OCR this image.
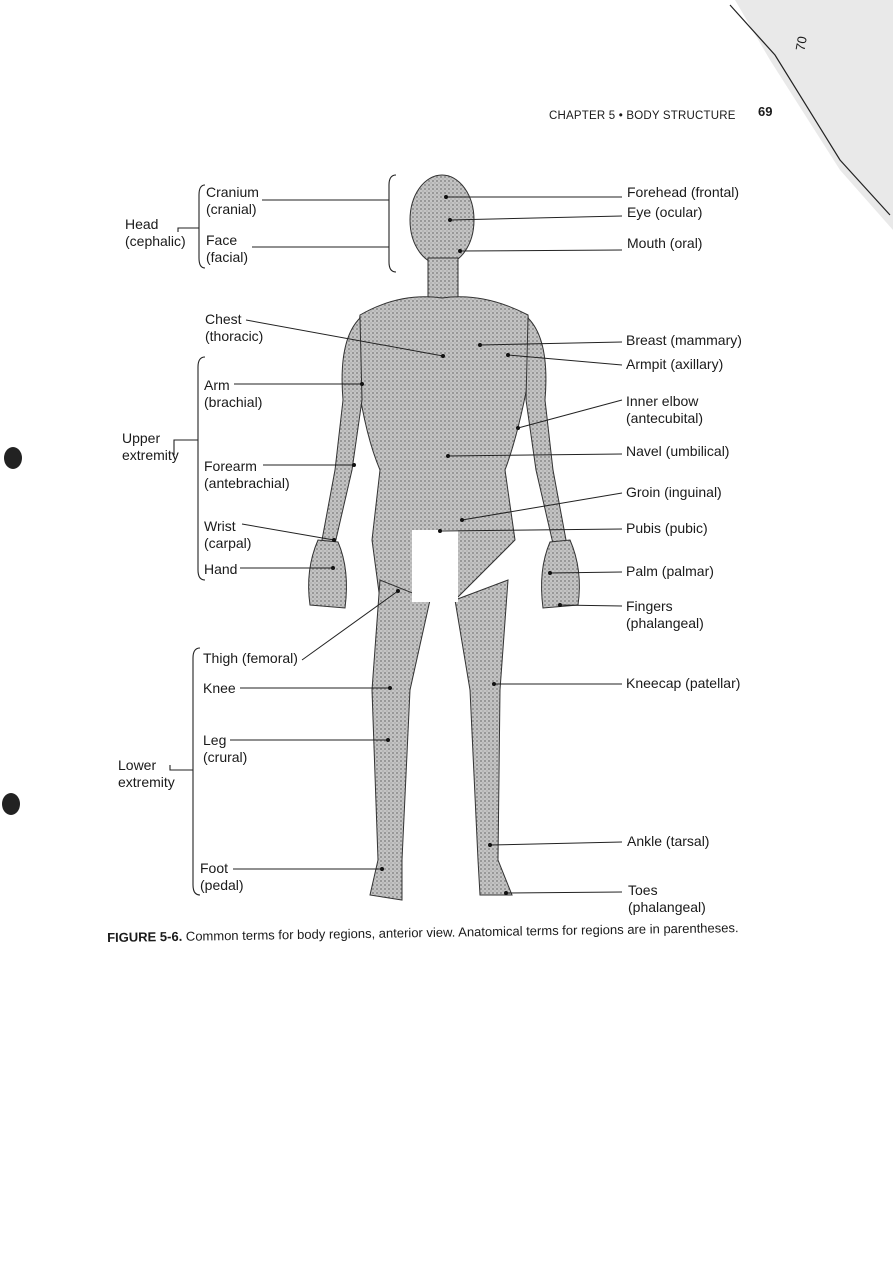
CHAPTER 5 • BODY STRUCTURE 69
70
Head
(cephalic)
Upper
extremity
Lower
extremity
Cranium
(cranial)
Face
(facial)
Chest
(thoracic)
Arm
(brachial)
Forearm
(antebrachial)
Wrist
(carpal)
Hand
Thigh (femoral)
Knee
Leg
(crural)
Foot
(pedal)
Forehead (frontal)
Eye (ocular)
Mouth (oral)
Breast (mammary)
Armpit (axillary)
Inner elbow
(antecubital)
Navel (umbilical)
Groin (inguinal)
Pubis (pubic)
Palm (palmar)
Fingers
(phalangeal)
Kneecap (patellar)
Ankle (tarsal)
Toes
(phalangeal)
FIGURE 5-6. Common terms for body regions, anterior view. Anatomical terms for regions are in parentheses.
